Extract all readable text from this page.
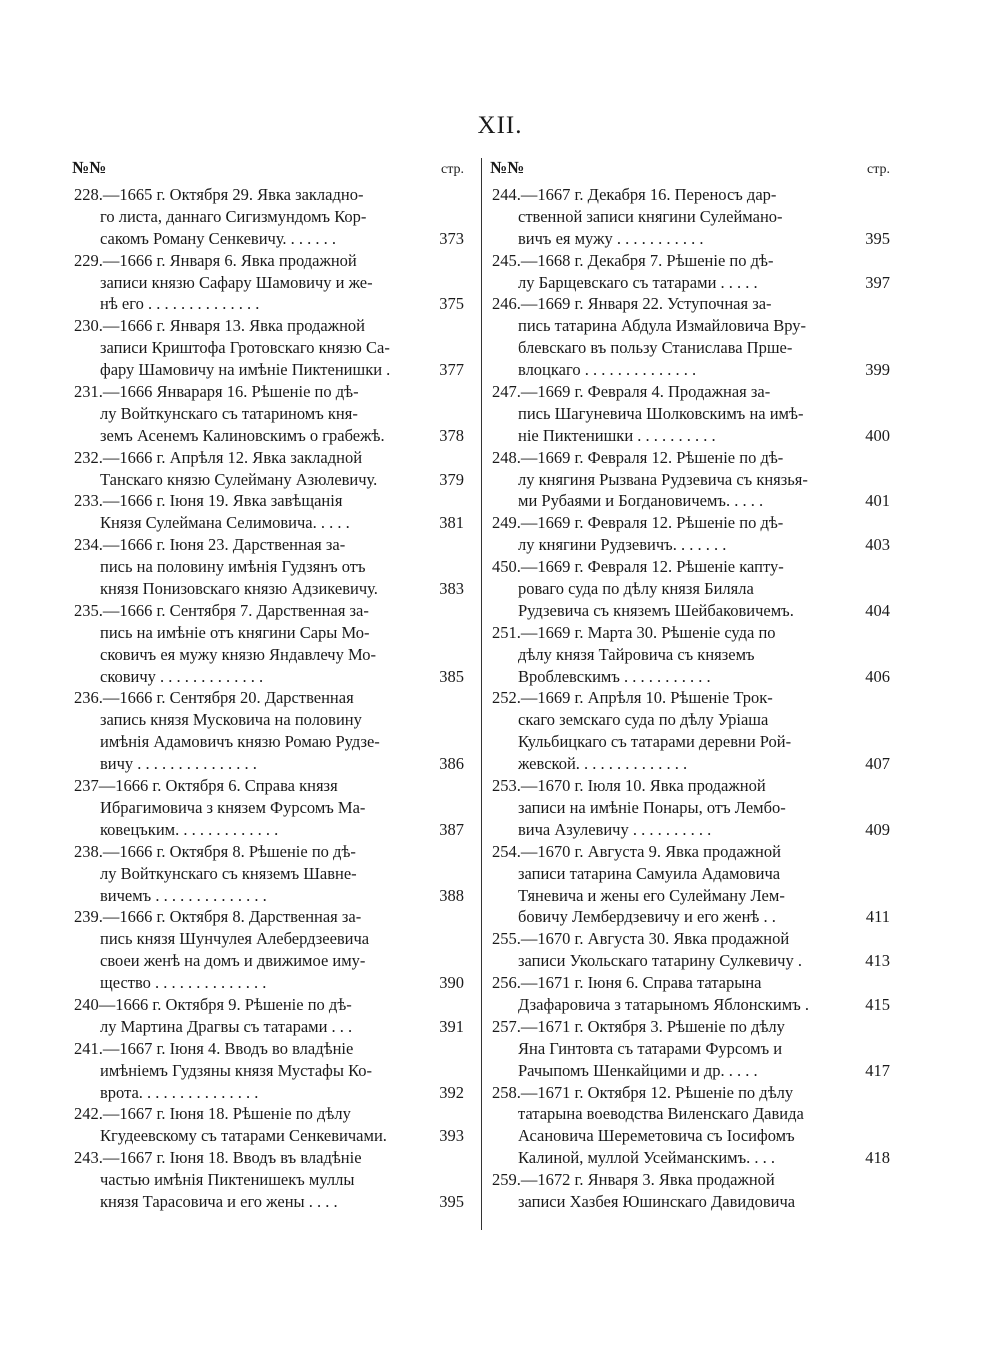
XII.
№№	стр.
228.—1665 г. Октября 29. Явка закладно-
го листа, даннаго Сигизмундомъ Кор-
сакомъ Роману Сенкевичу. . . . . . .	373
229.—1666 г. Января 6. Явка продажной
записи князю Сафару Шамовичу и же-
нѣ его . . . . . . . . . . . . . .	375
230.—1666 г. Января 13. Явка продажной
записи Криштофа Гротовскаго князю Са-
фару Шамовичу на имѣніе Пиктенишки .	377
231.—1666 Январаря 16. Рѣшеніе по дѣ-
лу Войткунскаго съ татариномъ кня-
земъ Асенемъ Калиновскимъ о грабежѣ.	378
232.—1666 г. Апрѣля 12. Явка закладной
Танскаго князю Сулейману Азюлевичу.	379
233.—1666 г. Іюня 19. Явка завѣщанія
Князя Сулейманa Селимовича. . . . .	381
234.—1666 г. Іюня 23. Дарственная за-
пись на половину имѣнія Гудзянъ отъ
князя Понизовскаго князю Адзикевичу.	383
235.—1666 г. Сентября 7. Дарственная за-
пись на имѣніе отъ княгини Сары Мо-
сковичъ ея мужу князю Яндавлечу Мо-
сковичу . . . . . . . . . . . . .	385
236.—1666 г. Сентября 20. Дарственная
запись князя Мусковича на половину
имѣнія Адамовичъ князю Ромаю Рудзе-
вичу . . . . . . . . . . . . . . .	386
237—1666 г. Октября 6. Справа князя
Ибрагимовича з князем Фурсомъ Ма-
ковецъким. . . . . . . . . . . . .	387
238.—1666 г. Октября 8. Рѣшеніе по дѣ-
лу Войткунскаго съ княземъ Шавне-
вичемъ . . . . . . . . . . . . . .	388
239.—1666 г. Октября 8. Дарственная за-
пись князя Шунчулея Алебердзеевича
своеи женѣ на домъ и движимое иму-
щество . . . . . . . . . . . . . .	390
240—1666 г. Октября 9. Рѣшеніе по дѣ-
лу Мартина Драгвы съ татарами . . .	391
241.—1667 г. Іюня 4. Вводъ во владѣніе
имѣніемъ Гудзяны князя Мустафы Ко-
врота. . . . . . . . . . . . . . .	392
242.—1667 г. Іюня 18. Рѣшеніе по дѣлу
Кгудеевскому съ татарами Сенкевичами.	393
243.—1667 г. Іюня 18. Вводъ въ владѣніе
частью имѣнія Пиктенишекъ муллы
князя Тарасовича и его жены . . . .	395
№№	стр.
244.—1667 г. Декабря 16. Переносъ дар-
ственной записи княгини Сулеймано-
вичъ ея мужу . . . . . . . . . . .	395
245.—1668 г. Декабря 7. Рѣшеніе по дѣ-
лу Барщевскаго съ татарами . . . . .	397
246.—1669 г. Января 22. Уступочная за-
пись татарина Абдула Измайловича Вру-
блевскаго въ пользу Станислава Пршe-
влоцкаго . . . . . . . . . . . . . .	399
247.—1669 г. Февраля 4. Продажная за-
пись Шагуневича Шолковскимъ на имѣ-
ніе Пиктенишки . . . . . . . . . .	400
248.—1669 г. Февраля 12. Рѣшеніе по дѣ-
лу княгиня Рызвана Рудзевича съ князья-
ми Рубаями и Богдановичемъ. . . . .	401
249.—1669 г. Февраля 12. Рѣшеніе по дѣ-
лу княгини Рудзевичъ. . . . . . .	403
450.—1669 г. Февраля 12. Рѣшеніе капту-
роваго суда по дѣлу князя Биляла
Рудзевича съ княземъ Шейбаковичемъ.	404
251.—1669 г. Марта 30. Рѣшеніе суда по
дѣлу князя Тайровича съ княземъ
Вроблевскимъ . . . . . . . . . . .	406
252.—1669 г. Апрѣля 10. Рѣшеніе Трок-
скаго земскаго суда по дѣлу Уріаша
Кульбицкаго съ татарами деревни Рой-
жевской. . . . . . . . . . . . . .	407
253.—1670 г. Іюля 10. Явка продажной
записи на имѣніе Понары, отъ Лембо-
вича Азулевичу . . . . . . . . . .	409
254.—1670 г. Августа 9. Явка продажной
записи татарина Самуила Адамовича
Тяневича и жены его Сулейману Лем-
бовичу Лембердзевичу и его женѣ . .	411
255.—1670 г. Августа 30. Явка продажной
записи Укольскаго татарину Сулкевичу .	413
256.—1671 г. Іюня 6. Справа татарына
Дзафаровича з татарыномъ Яблонскимъ .	415
257.—1671 г. Октября 3. Рѣшеніе по дѣлу
Яна Гинтовта съ татарами Фурсомъ и
Рачыпомъ Шенкайцими и др. . . . .	417
258.—1671 г. Октября 12. Рѣшеніе по дѣлу
татарына воеводства Виленскаго Давида
Асановича Шереметовича съ Іосифомъ
Калиной, муллой Усейманскимъ. . . .	418
259.—1672 г. Января 3. Явка продажной
записи Хазбея Юшинскаго Давидовича
